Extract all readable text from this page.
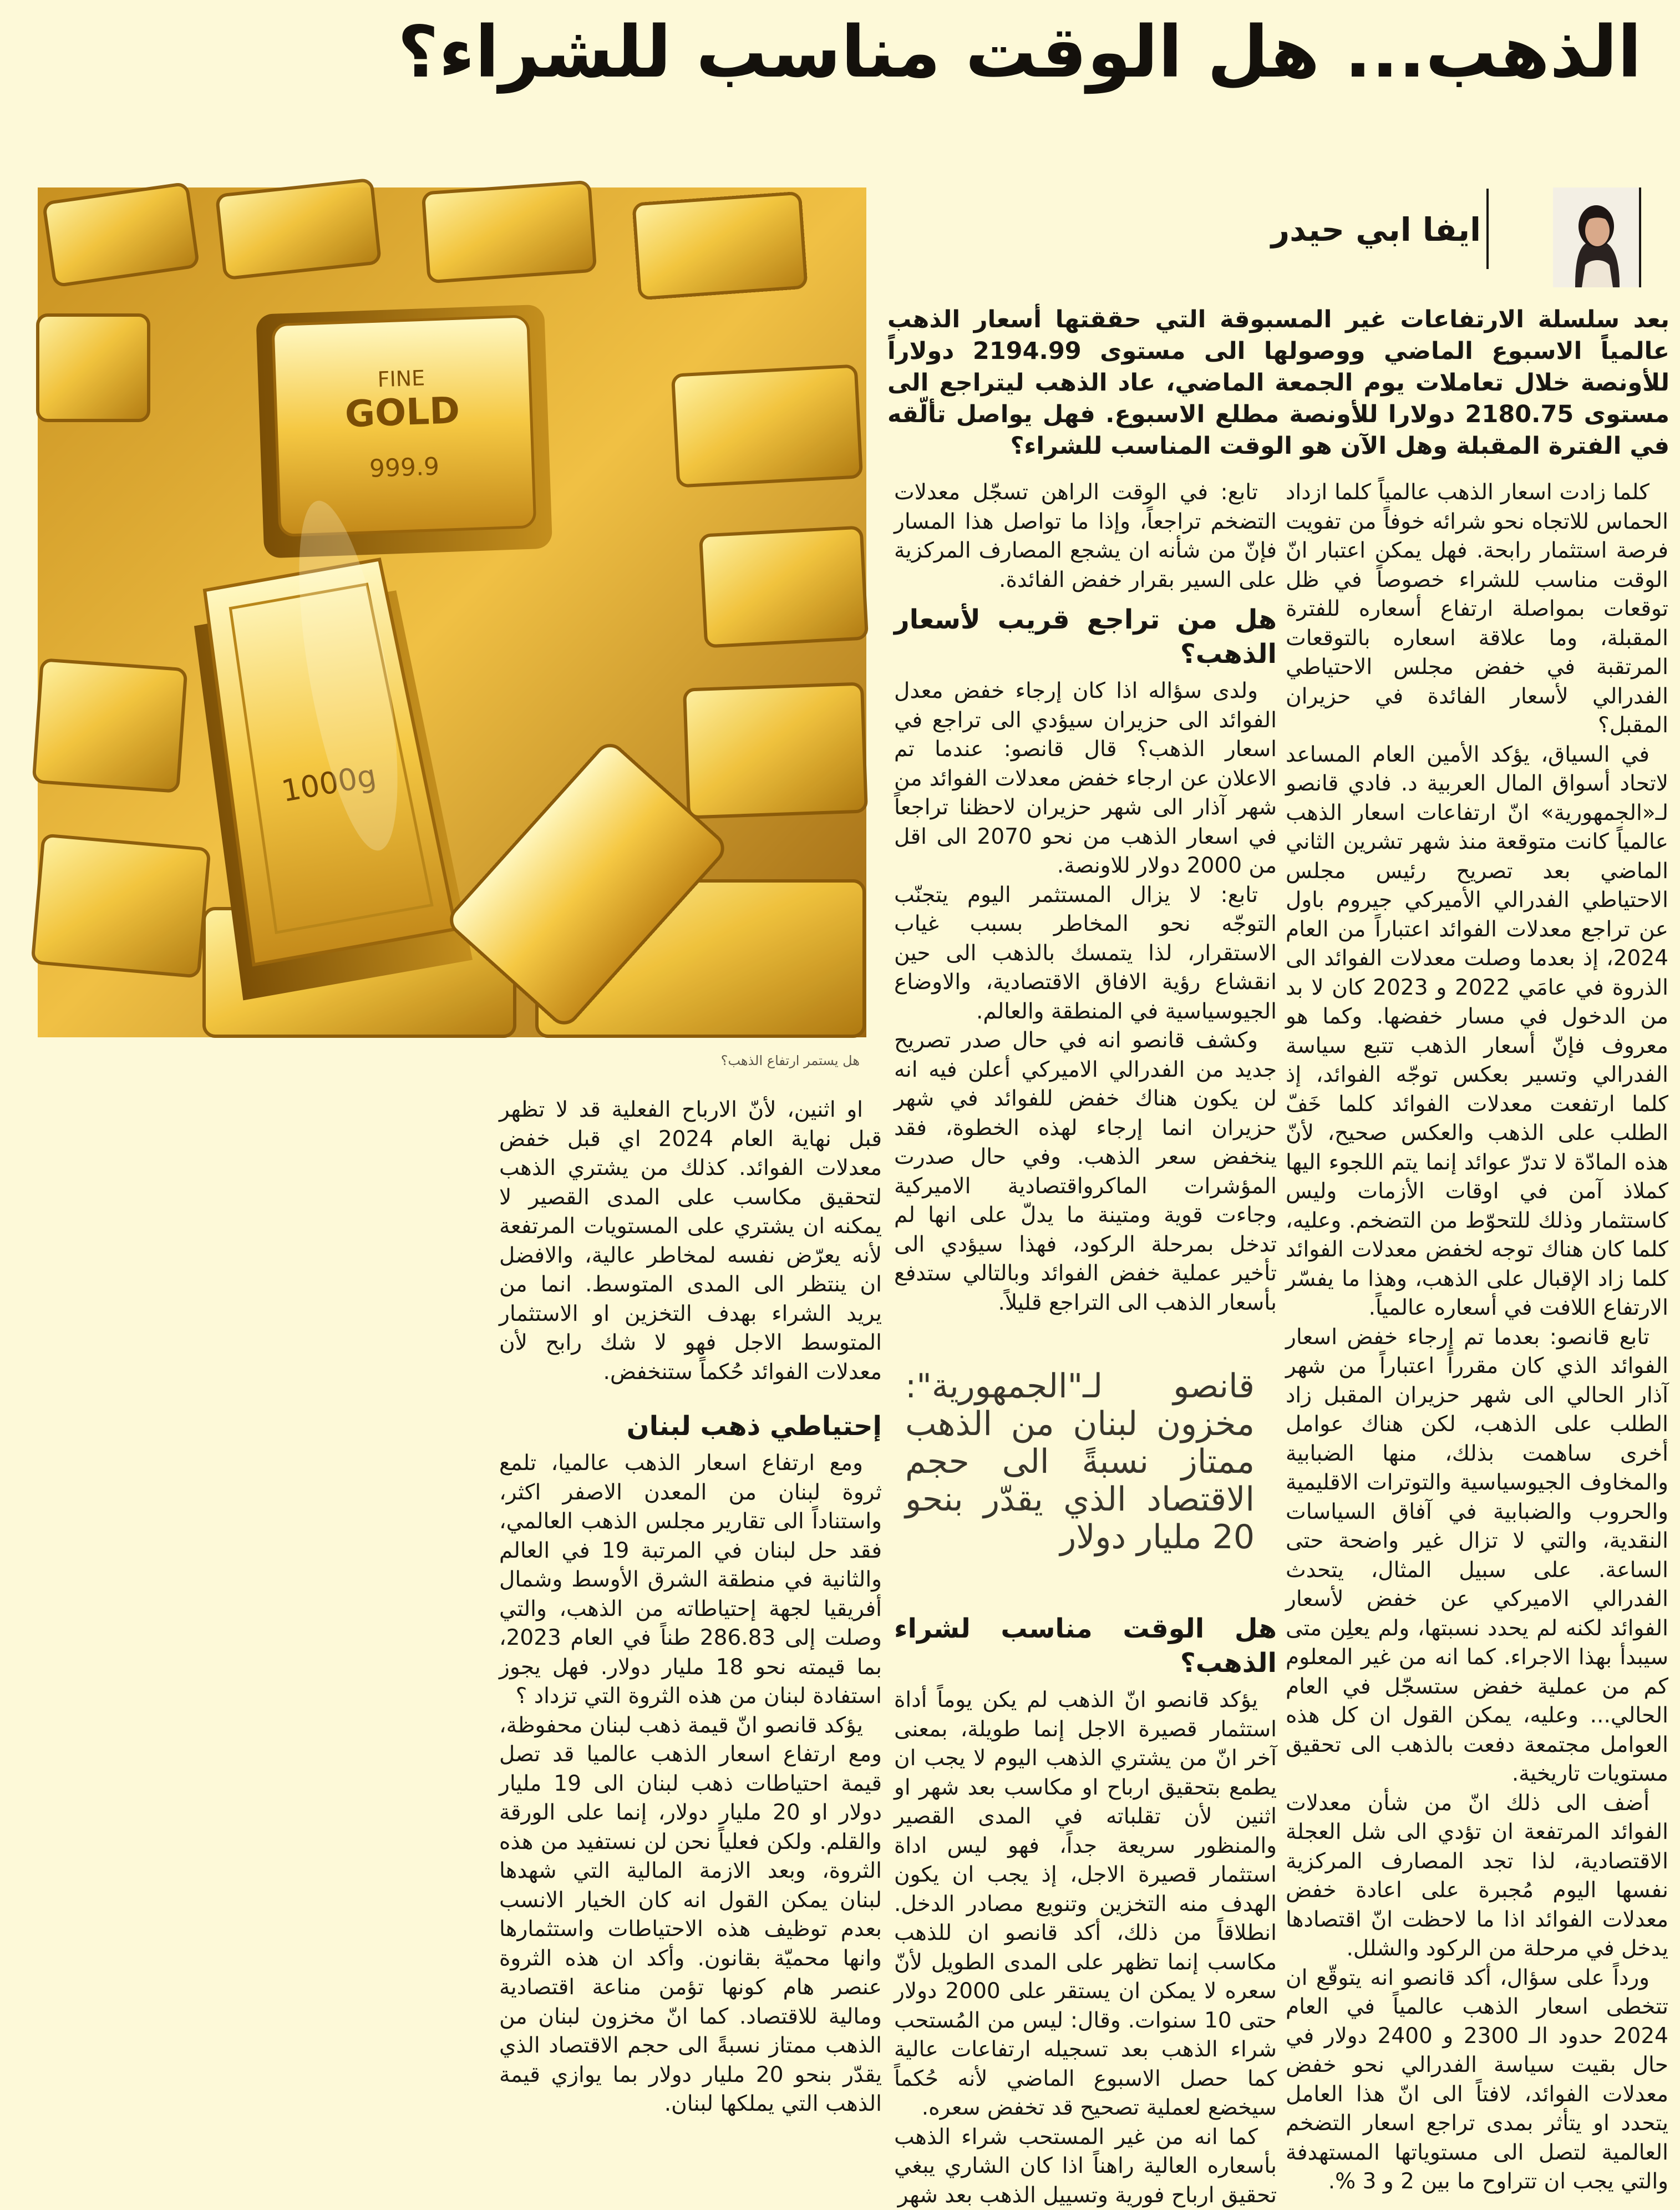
الذهب... هل الوقت مناسب للشراء؟
ايفا ابي حيدر
بعد سلسلة الارتفاعات غير المسبوقة التي حققتها أسعار الذهب عالمياً الاسبوع الماضي ووصولها الى مستوى 2194.99 دولاراً للأونصة خلال تعاملات يوم الجمعة الماضي، عاد الذهب ليتراجع الى مستوى 2180.75 دولارا للأونصة مطلع الاسبوع. فهل يواصل تألّقه في الفترة المقبلة وهل الآن هو الوقت المناسب للشراء؟
FINE
GOLD
999.9
1000g
هل يستمر ارتفاع الذهب؟

كلما زادت اسعار الذهب عالمياً كلما ازداد الحماس للاتجاه نحو شرائه خوفاً من تفويت فرصة استثمار رابحة. فهل يمكن اعتبار انّ الوقت مناسب للشراء خصوصاً في ظل توقعات بمواصلة ارتفاع أسعاره للفترة المقبلة، وما علاقة اسعاره بالتوقعات المرتقبة في خفض مجلس الاحتياطي الفدرالي لأسعار الفائدة في حزيران المقبل؟

في السياق، يؤكد الأمين العام المساعد لاتحاد أسواق المال العربية د. فادي قانصو لـ«الجمهورية» انّ ارتفاعات اسعار الذهب عالمياً كانت متوقعة منذ شهر تشرين الثاني الماضي بعد تصريح رئيس مجلس الاحتياطي الفدرالي الأميركي جيروم باول عن تراجع معدلات الفوائد اعتباراً من العام 2024، إذ بعدما وصلت معدلات الفوائد الى الذروة في عامَي 2022 و 2023 كان لا بد من الدخول في مسار خفضها. وكما هو معروف فإنّ أسعار الذهب تتبع سياسة الفدرالي وتسير بعكس توجّه الفوائد، إذ كلما ارتفعت معدلات الفوائد كلما خَفّ الطلب على الذهب والعكس صحيح، لأنّ هذه المادّة لا تدرّ عوائد إنما يتم اللجوء اليها كملاذ آمن في اوقات الأزمات وليس كاستثمار وذلك للتحوّط من التضخم. وعليه، كلما كان هناك توجه لخفض معدلات الفوائد كلما زاد الإقبال على الذهب، وهذا ما يفسّر الارتفاع اللافت في أسعاره عالمياً.

تابع قانصو: بعدما تم إرجاء خفض اسعار الفوائد الذي كان مقرراً اعتباراً من شهر آذار الحالي الى شهر حزيران المقبل زاد الطلب على الذهب، لكن هناك عوامل أخرى ساهمت بذلك، منها الضبابية والمخاوف الجيوسياسية والتوترات الاقليمية والحروب والضبابية في آفاق السياسات النقدية، والتي لا تزال غير واضحة حتى الساعة. على سبيل المثال، يتحدث الفدرالي الاميركي عن خفض لأسعار الفوائد لكنه لم يحدد نسبتها، ولم يعلِن متى سيبدأ بهذا الاجراء. كما انه من غير المعلوم كم من عملية خفض ستسجّل في العام الحالي... وعليه، يمكن القول ان كل هذه العوامل مجتمعة دفعت بالذهب الى تحقيق مستويات تاريخية.

أضف الى ذلك انّ من شأن معدلات الفوائد المرتفعة ان تؤدي الى شل العجلة الاقتصادية، لذا تجد المصارف المركزية نفسها اليوم مُجبرة على اعادة خفض معدلات الفوائد اذا ما لاحظت انّ اقتصادها يدخل في مرحلة من الركود والشلل.

ورداً على سؤال، أكد قانصو انه يتوقّع ان تتخطى اسعار الذهب عالمياً في العام 2024 حدود الـ 2300 و 2400 دولار في حال بقيت سياسة الفدرالي نحو خفض معدلات الفوائد، لافتاً الى انّ هذا العامل يتحدد او يتأثر بمدى تراجع اسعار التضخم العالمية لتصل الى مستوياتها المستهدفة والتي يجب ان تتراوح ما بين 2 و 3 %.

تابع: في الوقت الراهن تسجّل معدلات التضخم تراجعاً، وإذا ما تواصل هذا المسار فإنّ من شأنه ان يشجع المصارف المركزية على السير بقرار خفض الفائدة.

هل من تراجع قريب لأسعار الذهب؟

ولدى سؤاله اذا كان إرجاء خفض معدل الفوائد الى حزيران سيؤدي الى تراجع في اسعار الذهب؟ قال قانصو: عندما تم الاعلان عن ارجاء خفض معدلات الفوائد من شهر آذار الى شهر حزيران لاحظنا تراجعاً في اسعار الذهب من نحو 2070 الى اقل من 2000 دولار للاونصة.

تابع: لا يزال المستثمر اليوم يتجنّب التوجّه نحو المخاطر بسبب غياب الاستقرار، لذا يتمسك بالذهب الى حين انقشاع رؤية الافاق الاقتصادية، والاوضاع الجيوسياسية في المنطقة والعالم.

وكشف قانصو انه في حال صدر تصريح جديد من الفدرالي الاميركي أعلن فيه انه لن يكون هناك خفض للفوائد في شهر حزيران انما إرجاء لهذه الخطوة، فقد ينخفض سعر الذهب. وفي حال صدرت المؤشرات الماكرواقتصادية الاميركية وجاءت قوية ومتينة ما يدلّ على انها لم تدخل بمرحلة الركود، فهذا سيؤدي الى تأخير عملية خفض الفوائد وبالتالي ستدفع بأسعار الذهب الى التراجع قليلاً.

قانصو لـ"الجمهورية": مخزون لبنان من الذهب ممتاز نسبةً الى حجم الاقتصاد الذي يقدّر بنحو 20 مليار دولار
هل الوقت مناسب لشراء الذهب؟

يؤكد قانصو انّ الذهب لم يكن يوماً أداة استثمار قصيرة الاجل إنما طويلة، بمعنى آخر انّ من يشتري الذهب اليوم لا يجب ان يطمع بتحقيق ارباح او مكاسب بعد شهر او اثنين لأن تقلباته في المدى القصير والمنظور سريعة جداً، فهو ليس اداة استثمار قصيرة الاجل، إذ يجب ان يكون الهدف منه التخزين وتنويع مصادر الدخل. انطلاقاً من ذلك، أكد قانصو ان للذهب مكاسب إنما تظهر على المدى الطويل لأنّ سعره لا يمكن ان يستقر على 2000 دولار حتى 10 سنوات. وقال: ليس من المُستحب شراء الذهب بعد تسجيله ارتفاعات عالية كما حصل الاسبوع الماضي لأنه حُكماً سيخضع لعملية تصحيح قد تخفض سعره.

كما انه من غير المستحب شراء الذهب بأسعاره العالية راهناً اذا كان الشاري يبغي تحقيق ارباح فورية وتسييل الذهب بعد شهر

او اثنين، لأنّ الارباح الفعلية قد لا تظهر قبل نهاية العام 2024 اي قبل خفض معدلات الفوائد. كذلك من يشتري الذهب لتحقيق مكاسب على المدى القصير لا يمكنه ان يشتري على المستويات المرتفعة لأنه يعرّض نفسه لمخاطر عالية، والافضل ان ينتظر الى المدى المتوسط. انما من يريد الشراء بهدف التخزين او الاستثمار المتوسط الاجل فهو لا شك رابح لأن معدلات الفوائد حُكماً ستنخفض.

إحتياطي ذهب لبنان

ومع ارتفاع اسعار الذهب عالميا، تلمع ثروة لبنان من المعدن الاصفر اكثر، واستناداً الى تقارير مجلس الذهب العالمي، فقد حل لبنان في المرتبة 19 في العالم والثانية في منطقة الشرق الأوسط وشمال أفريقيا لجهة إحتياطاته من الذهب، والتي وصلت إلى 286.83 طناً في العام 2023، بما قيمته نحو 18 مليار دولار. فهل يجوز استفادة لبنان من هذه الثروة التي تزداد ؟

يؤكد قانصو انّ قيمة ذهب لبنان محفوظة، ومع ارتفاع اسعار الذهب عالميا قد تصل قيمة احتياطات ذهب لبنان الى 19 مليار دولار او 20 مليار دولار، إنما على الورقة والقلم. ولكن فعلياً نحن لن نستفيد من هذه الثروة، وبعد الازمة المالية التي شهدها لبنان يمكن القول انه كان الخيار الانسب بعدم توظيف هذه الاحتياطات واستثمارها وانها محميّة بقانون. وأكد ان هذه الثروة عنصر هام كونها تؤمن مناعة اقتصادية ومالية للاقتصاد. كما انّ مخزون لبنان من الذهب ممتاز نسبةً الى حجم الاقتصاد الذي يقدّر بنحو 20 مليار دولار بما يوازي قيمة الذهب التي يملكها لبنان.
